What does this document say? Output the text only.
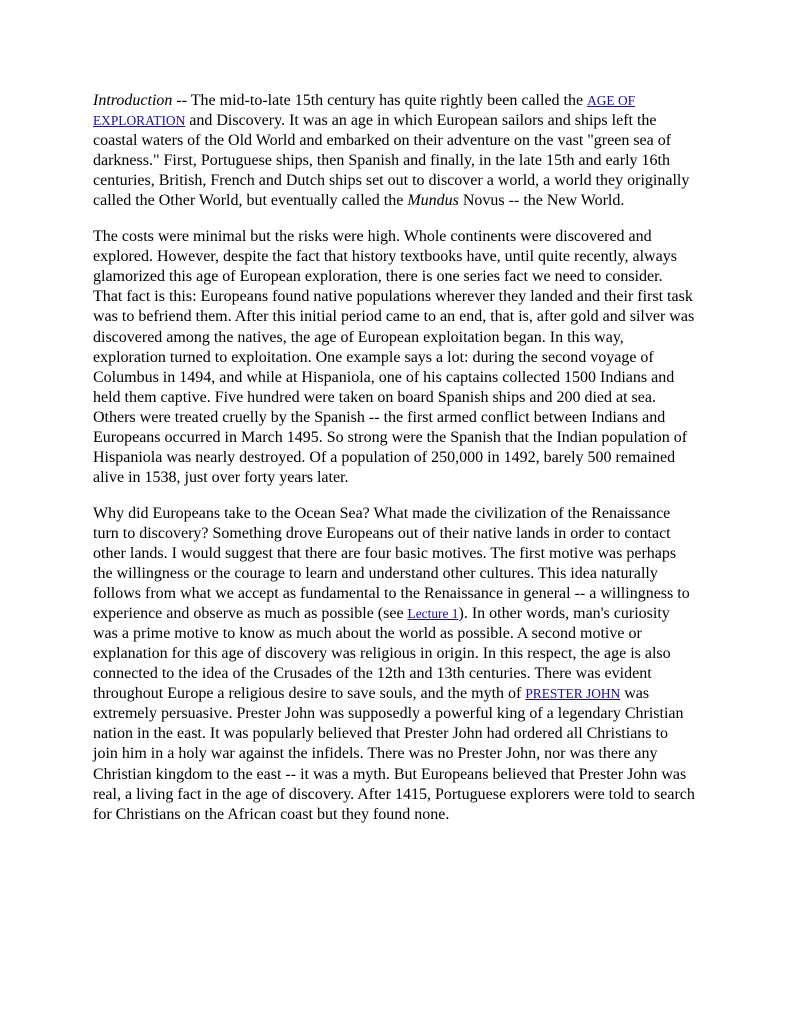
Introduction -- The mid-to-late 15th century has quite rightly been called the AGE OF EXPLORATION and Discovery. It was an age in which European sailors and ships left the coastal waters of the Old World and embarked on their adventure on the vast "green sea of darkness." First, Portuguese ships, then Spanish and finally, in the late 15th and early 16th centuries, British, French and Dutch ships set out to discover a world, a world they originally called the Other World, but eventually called the Mundus Novus -- the New World.

The costs were minimal but the risks were high. Whole continents were discovered and explored. However, despite the fact that history textbooks have, until quite recently, always glamorized this age of European exploration, there is one series fact we need to consider. That fact is this: Europeans found native populations wherever they landed and their first task was to befriend them. After this initial period came to an end, that is, after gold and silver was discovered among the natives, the age of European exploitation began. In this way, exploration turned to exploitation. One example says a lot: during the second voyage of Columbus in 1494, and while at Hispaniola, one of his captains collected 1500 Indians and held them captive. Five hundred were taken on board Spanish ships and 200 died at sea. Others were treated cruelly by the Spanish -- the first armed conflict between Indians and Europeans occurred in March 1495. So strong were the Spanish that the Indian population of Hispaniola was nearly destroyed. Of a population of 250,000 in 1492, barely 500 remained alive in 1538, just over forty years later.

Why did Europeans take to the Ocean Sea? What made the civilization of the Renaissance turn to discovery? Something drove Europeans out of their native lands in order to contact other lands. I would suggest that there are four basic motives. The first motive was perhaps the willingness or the courage to learn and understand other cultures. This idea naturally follows from what we accept as fundamental to the Renaissance in general -- a willingness to experience and observe as much as possible (see Lecture 1). In other words, man's curiosity was a prime motive to know as much about the world as possible. A second motive or explanation for this age of discovery was religious in origin. In this respect, the age is also connected to the idea of the Crusades of the 12th and 13th centuries. There was evident throughout Europe a religious desire to save souls, and the myth of PRESTER JOHN was extremely persuasive. Prester John was supposedly a powerful king of a legendary Christian nation in the east. It was popularly believed that Prester John had ordered all Christians to join him in a holy war against the infidels. There was no Prester John, nor was there any Christian kingdom to the east -- it was a myth. But Europeans believed that Prester John was real, a living fact in the age of discovery. After 1415, Portuguese explorers were told to search for Christians on the African coast but they found none.
